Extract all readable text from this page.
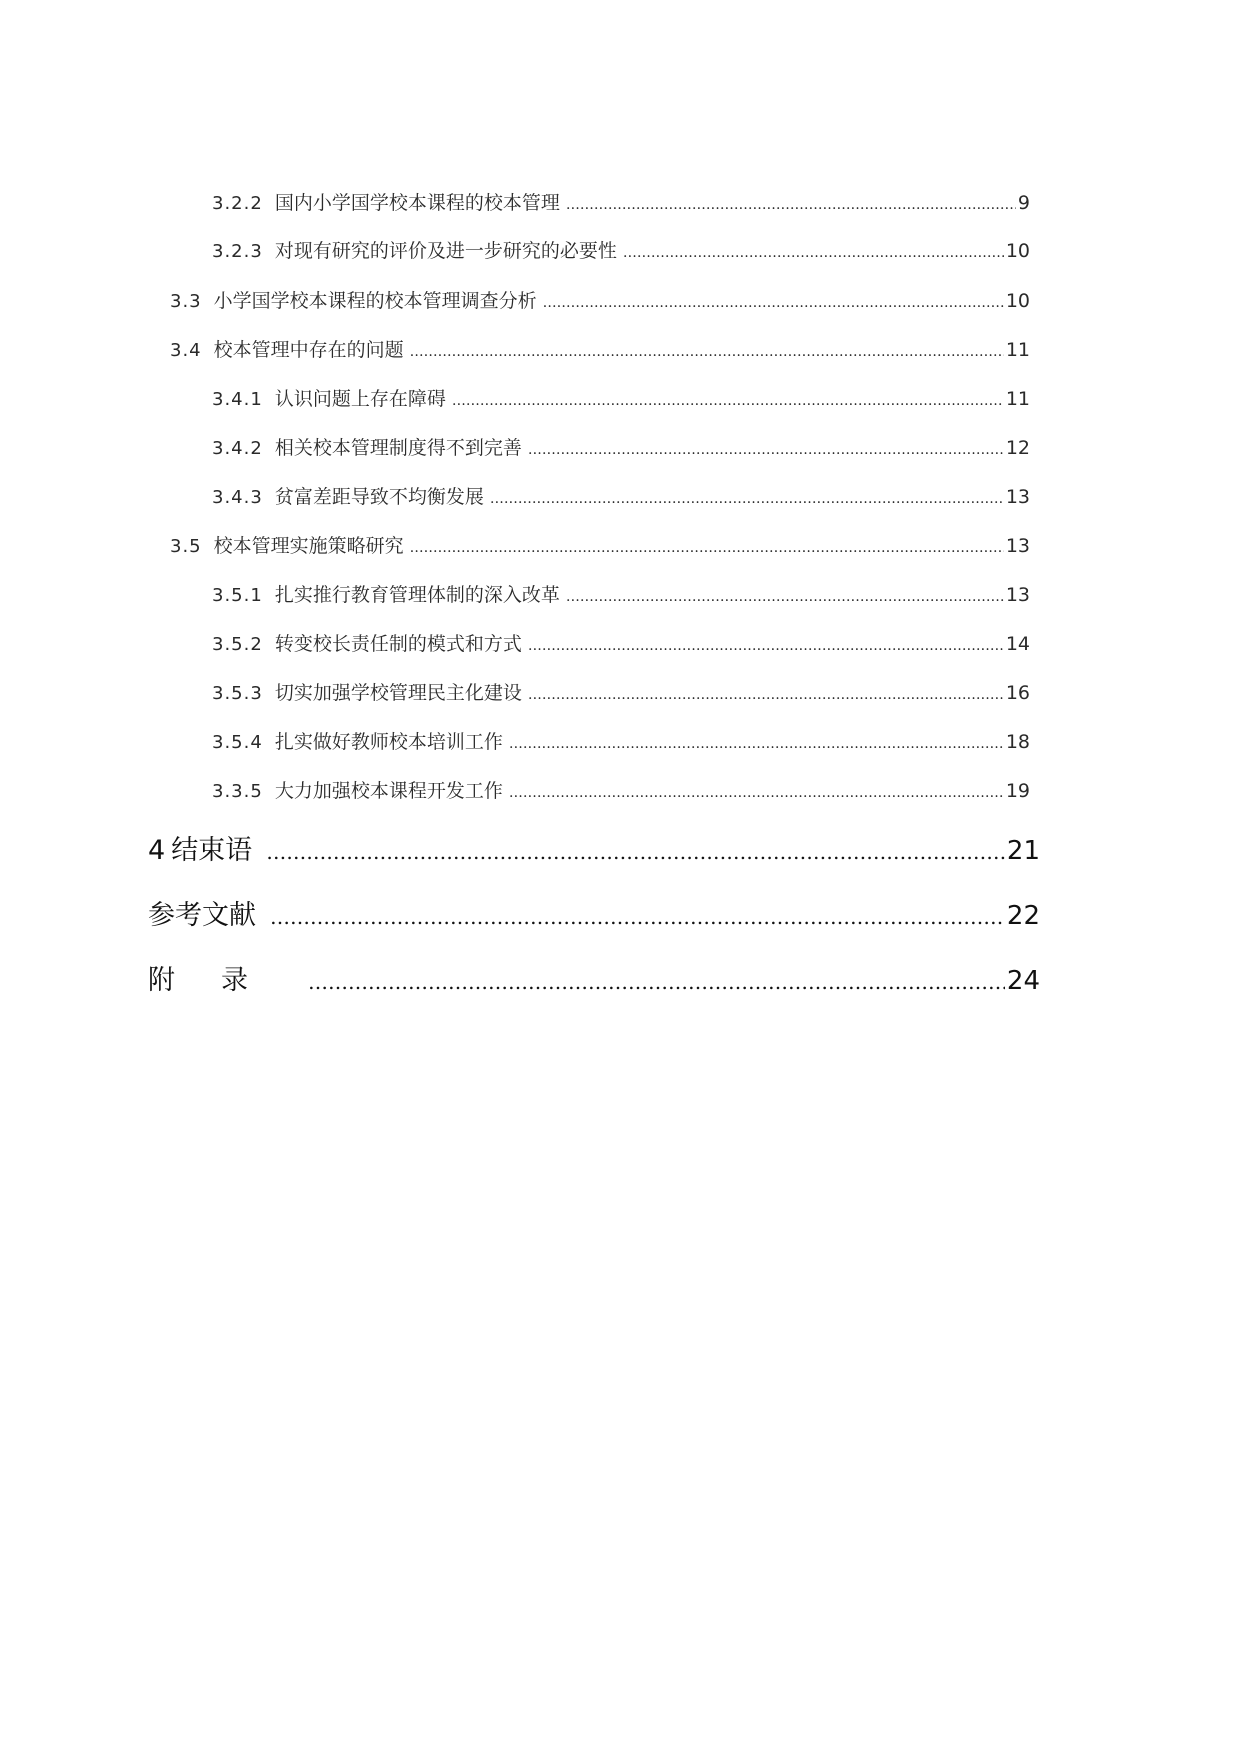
3.2.2 国内小学国学校本课程的校本管理 ……………………………………………………………………………………………………………………………………………………………………………………………………………………………………………	9
3.2.3 对现有研究的评价及进一步研究的必要性 ……………………………………………………………………………………………………………………………………………………………………………………………………………………………………………	10
3.3 小学国学校本课程的校本管理调查分析 ……………………………………………………………………………………………………………………………………………………………………………………………………………………………………………	10
3.4 校本管理中存在的问题 ……………………………………………………………………………………………………………………………………………………………………………………………………………………………………………	11
3.4.1 认识问题上存在障碍 ……………………………………………………………………………………………………………………………………………………………………………………………………………………………………………	11
3.4.2 相关校本管理制度得不到完善 ……………………………………………………………………………………………………………………………………………………………………………………………………………………………………………	12
3.4.3 贫富差距导致不均衡发展 ……………………………………………………………………………………………………………………………………………………………………………………………………………………………………………	13
3.5 校本管理实施策略研究 ……………………………………………………………………………………………………………………………………………………………………………………………………………………………………………	13
3.5.1 扎实推行教育管理体制的深入改革 ……………………………………………………………………………………………………………………………………………………………………………………………………………………………………………	13
3.5.2 转变校长责任制的模式和方式 ……………………………………………………………………………………………………………………………………………………………………………………………………………………………………………	14
3.5.3 切实加强学校管理民主化建设 ……………………………………………………………………………………………………………………………………………………………………………………………………………………………………………	16
3.5.4 扎实做好教师校本培训工作 ……………………………………………………………………………………………………………………………………………………………………………………………………………………………………………	18
3.3.5 大力加强校本课程开发工作 ……………………………………………………………………………………………………………………………………………………………………………………………………………………………………………	19
4 结束语 ……………………………………………………………………………………………………………………………………………………………………………………………………………………………………………	21
参考文献 ……………………………………………………………………………………………………………………………………………………………………………………………………………………………………………	22
附录 ……………………………………………………………………………………………………………………………………………………………………………………………………………………………………………	24
